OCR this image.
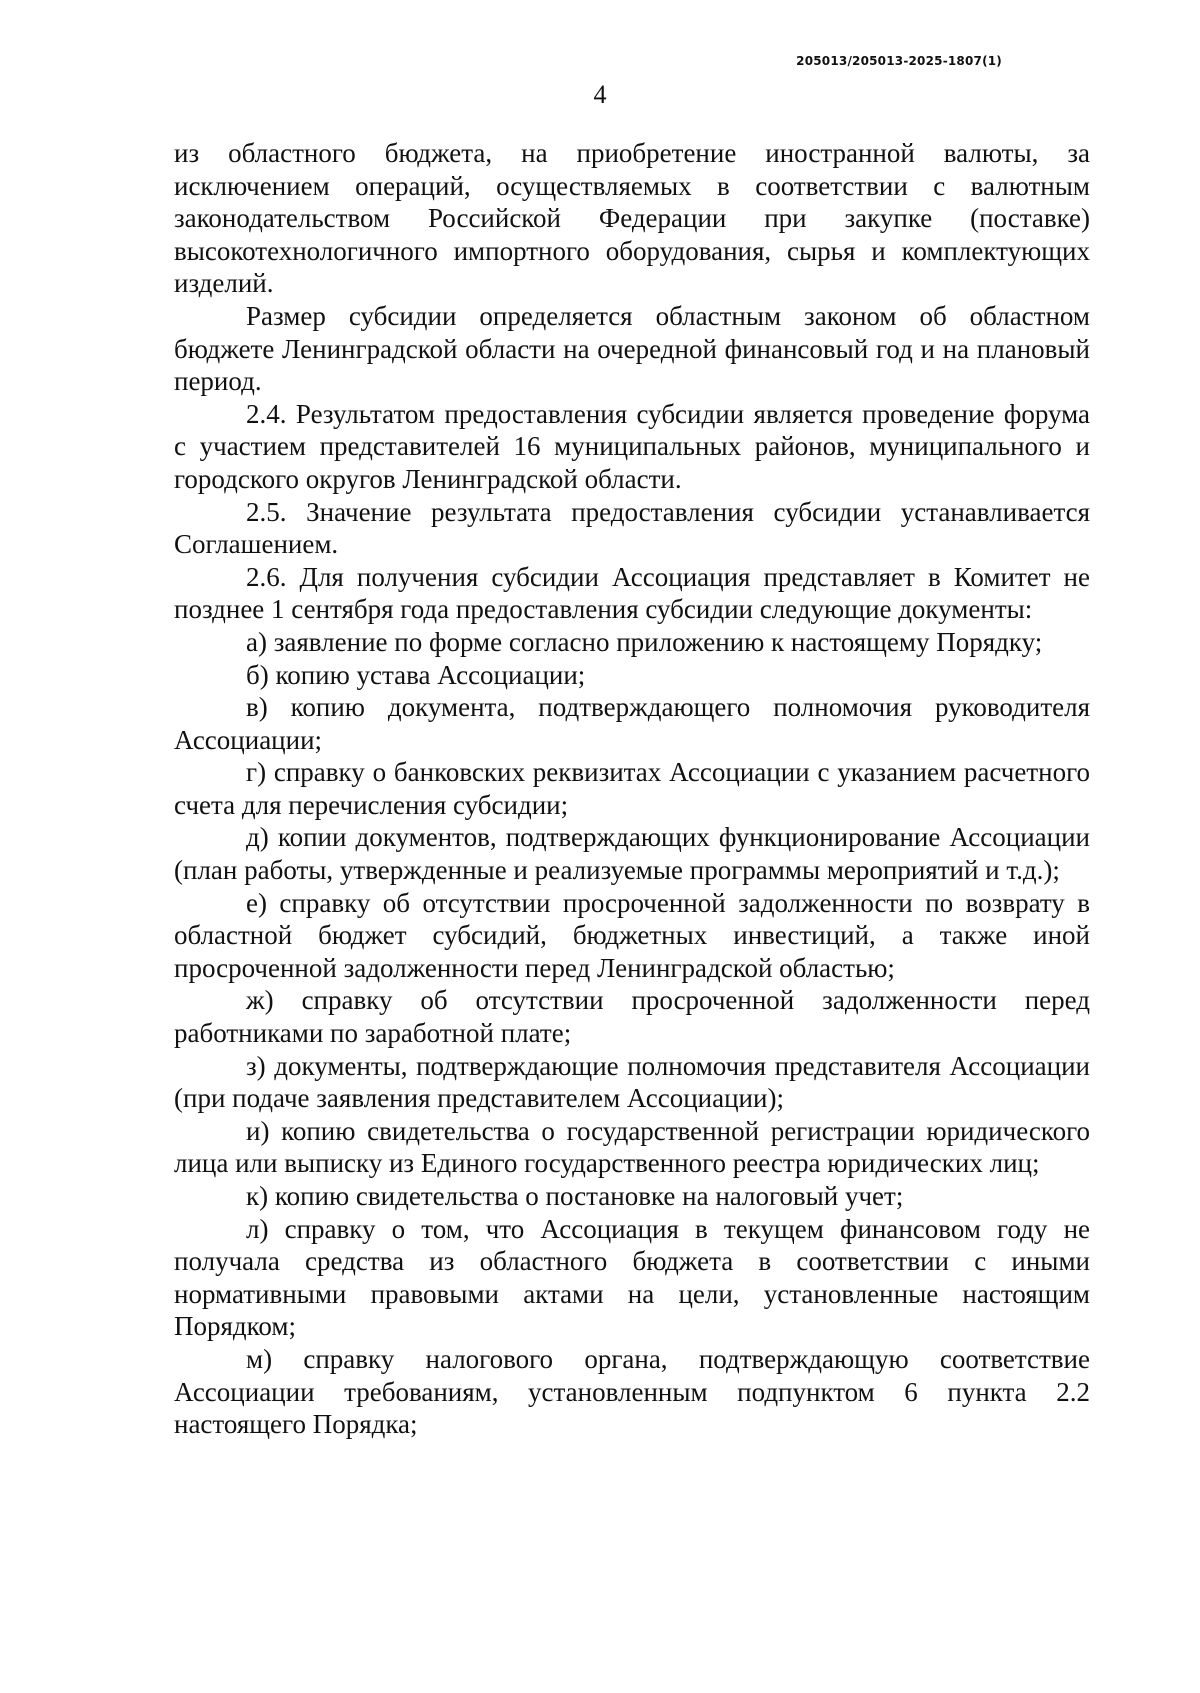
205013/205013-2025-1807(1)
4

из областного бюджета, на приобретение иностранной валюты, за исключением операций, осуществляемых в соответствии с валютным законодательством Российской Федерации при закупке (поставке) высокотехнологичного импортного оборудования, сырья и комплектующих изделий.

Размер субсидии определяется областным законом об областном бюджете Ленинградской области на очередной финансовый год и на плановый период.

2.4. Результатом предоставления субсидии является проведение форума с участием представителей 16 муниципальных районов, муниципального и городского округов Ленинградской области.

2.5. Значение результата предоставления субсидии устанавливается Соглашением.

2.6. Для получения субсидии Ассоциация представляет в Комитет не позднее 1 сентября года предоставления субсидии следующие документы:

а) заявление по форме согласно приложению к настоящему Порядку;

б) копию устава Ассоциации;

в) копию документа, подтверждающего полномочия руководителя Ассоциации;

г) справку о банковских реквизитах Ассоциации с указанием расчетного счета для перечисления субсидии;

д) копии документов, подтверждающих функционирование Ассоциации (план работы, утвержденные и реализуемые программы мероприятий и т.д.);

е) справку об отсутствии просроченной задолженности по возврату в областной бюджет субсидий, бюджетных инвестиций, а также иной просроченной задолженности перед Ленинградской областью;

ж) справку об отсутствии просроченной задолженности перед работниками по заработной плате;

з) документы, подтверждающие полномочия представителя Ассоциации (при подаче заявления представителем Ассоциации);

и) копию свидетельства о государственной регистрации юридического лица или выписку из Единого государственного реестра юридических лиц;

к) копию свидетельства о постановке на налоговый учет;

л) справку о том, что Ассоциация в текущем финансовом году не получала средства из областного бюджета в соответствии с иными нормативными правовыми актами на цели, установленные настоящим Порядком;

м) справку налогового органа, подтверждающую соответствие Ассоциации требованиям, установленным подпунктом 6 пункта 2.2 настоящего Порядка;
